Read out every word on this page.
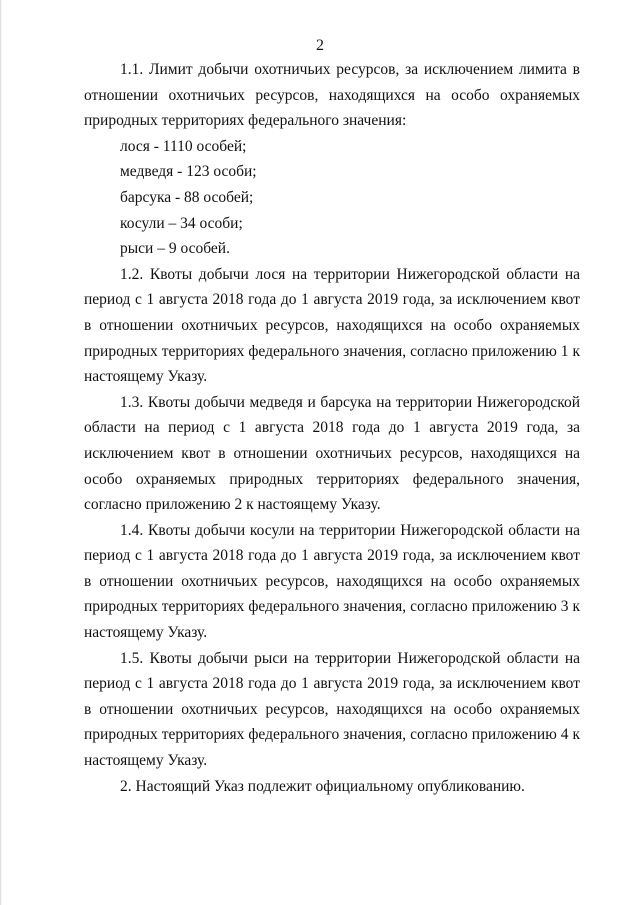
2

1.1. Лимит добычи охотничьих ресурсов, за исключением лимита в отношении охотничьих ресурсов, находящихся на особо охраняемых природных территориях федерального значения:

лося - 1110 особей;

медведя - 123 особи;

барсука - 88 особей;

косули – 34 особи;

рыси – 9 особей.

1.2. Квоты добычи лося на территории Нижегородской области на период с 1 августа 2018 года до 1 августа 2019 года, за исключением квот в отношении охотничьих ресурсов, находящихся на особо охраняемых природных территориях федерального значения, согласно приложению 1 к настоящему Указу.

1.3. Квоты добычи медведя и барсука на территории Нижегородской области на период с 1 августа 2018 года до 1 августа 2019 года, за исключением квот в отношении охотничьих ресурсов, находящихся на особо охраняемых природных территориях федерального значения, согласно приложению 2 к настоящему Указу.

1.4. Квоты добычи косули на территории Нижегородской области на период с 1 августа 2018 года до 1 августа 2019 года, за исключением квот в отношении охотничьих ресурсов, находящихся на особо охраняемых природных территориях федерального значения, согласно приложению 3 к настоящему Указу.

1.5. Квоты добычи рыси на территории Нижегородской области на период с 1 августа 2018 года до 1 августа 2019 года, за исключением квот в отношении охотничьих ресурсов, находящихся на особо охраняемых природных территориях федерального значения, согласно приложению 4 к настоящему Указу.

2. Настоящий Указ подлежит официальному опубликованию.
